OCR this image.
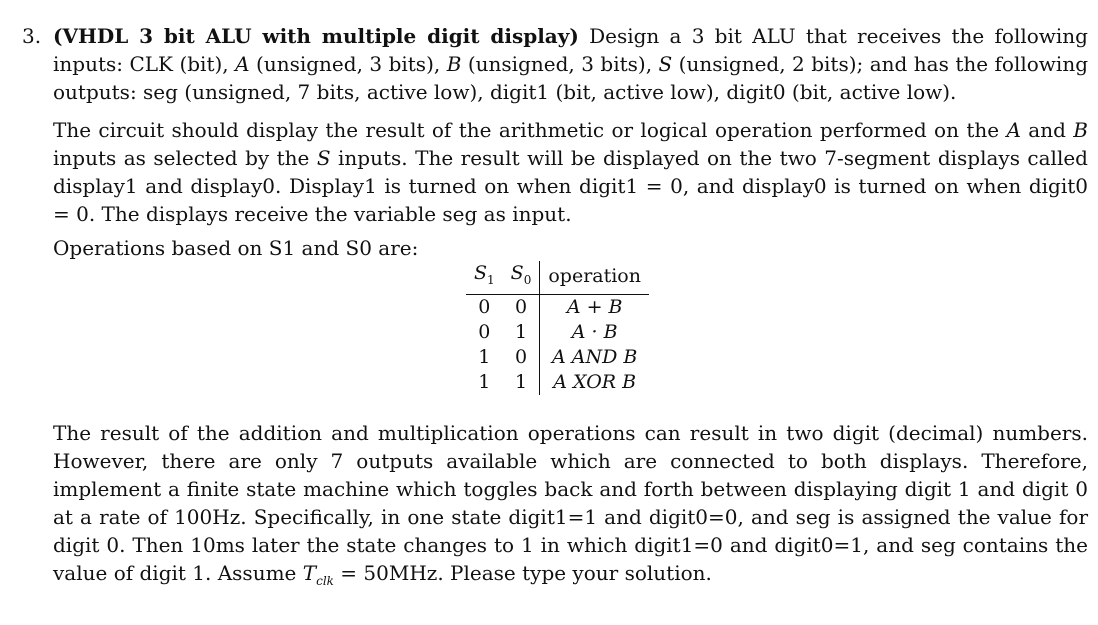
3. (VHDL 3 bit ALU with multiple digit display) Design a 3 bit ALU that receives the following inputs: CLK (bit), A (unsigned, 3 bits), B (unsigned, 3 bits), S (unsigned, 2 bits); and has the following outputs: seg (unsigned, 7 bits, active low), digit1 (bit, active low), digit0 (bit, active low).

The circuit should display the result of the arithmetic or logical operation performed on the A and B inputs as selected by the S inputs. The result will be displayed on the two 7-segment displays called display1 and display0. Display1 is turned on when digit1 = 0, and display0 is turned on when digit0 = 0. The displays receive the variable seg as input.

Operations based on S1 and S0 are:

The result of the addition and multiplication operations can result in two digit (decimal) numbers. However, there are only 7 outputs available which are connected to both displays. Therefore, implement a finite state machine which toggles back and forth between displaying digit 1 and digit 0 at a rate of 100Hz. Specifically, in one state digit1=1 and digit0=0, and seg is assigned the value for digit 0. Then 10ms later the state changes to 1 in which digit1=0 and digit0=1, and seg contains the value of digit 1. Assume $T_{clk} = 50MHz$. Please type your solution.

$S_1$	$S_0$	operation
0	0	A + B
0	1	A · B
1	0	A AND B
1	1	A XOR B
